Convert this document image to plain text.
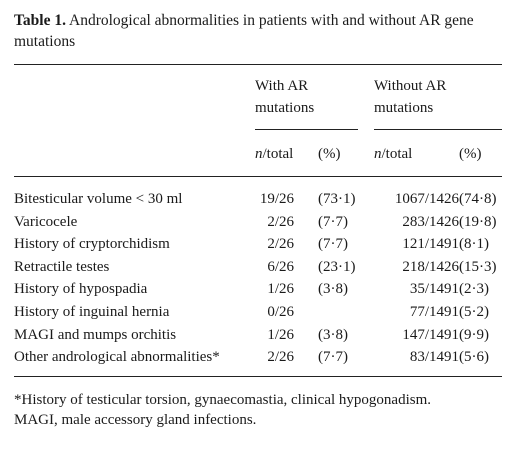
Table 1. Andrological abnormalities in patients with and without AR gene mutations
With AR
mutations
Without AR
mutations
n/total (%) n/total	(%)
Bitesticular volume < 30 ml	19/26 (73·1)	1067/1426 (74·8)
Varicocele	2/26 (7·7)	283/1426 (19·8)
History of cryptorchidism	2/26 (7·7)	121/1491 (8·1)
Retractile testes	6/26 (23·1)	218/1426 (15·3)
History of hypospadia	1/26 (3·8)	35/1491 (2·3)
History of inguinal hernia	0/26	77/1491 (5·2)
MAGI and mumps orchitis	1/26 (3·8)	147/1491 (9·9)
Other andrological abnormalities*	2/26 (7·7)	83/1491 (5·6)
*History of testicular torsion, gynaecomastia, clinical hypogonadism.
MAGI, male accessory gland infections.
